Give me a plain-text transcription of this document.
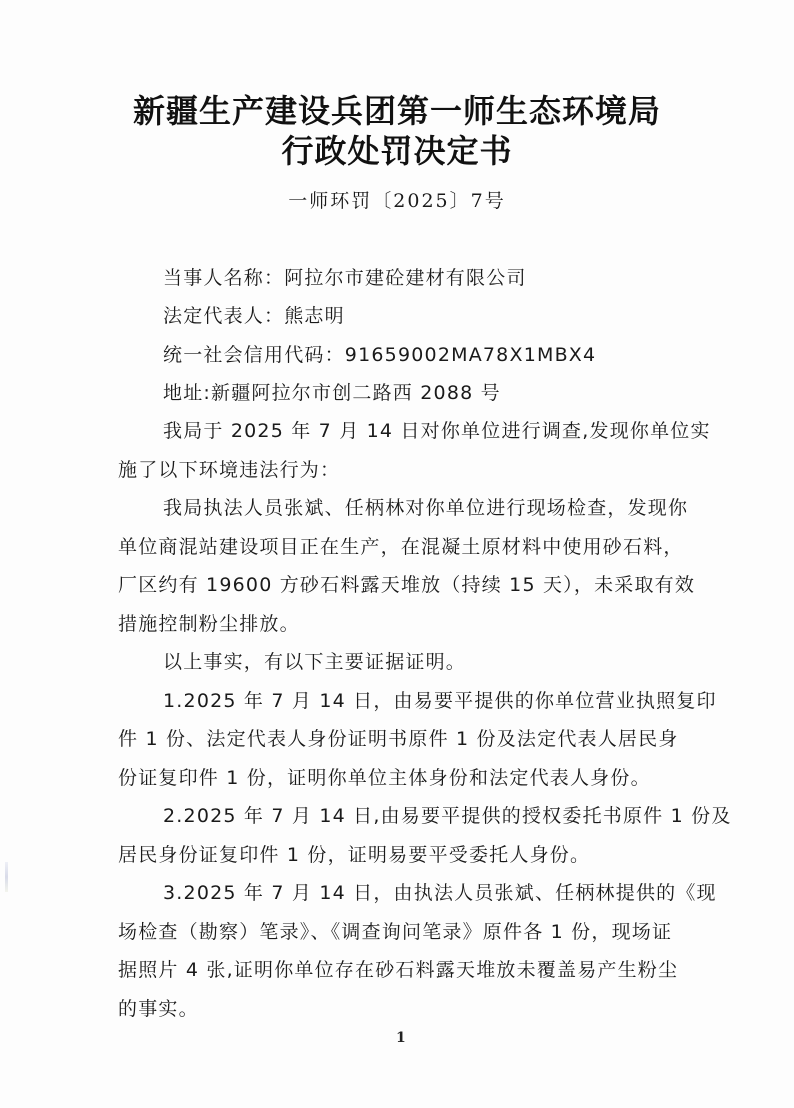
新疆生产建设兵团第一师生态环境局
行政处罚决定书
一师环罚〔2025〕7号
当事人名称：阿拉尔市建砼建材有限公司
法定代表人：熊志明
统一社会信用代码：91659002MA78X1MBX4
地址:新疆阿拉尔市创二路西 2088 号
我局于 2025 年 7 月 14 日对你单位进行调查,发现你单位实
施了以下环境违法行为：
我局执法人员张斌、任柄林对你单位进行现场检查，发现你
单位商混站建设项目正在生产，在混凝土原材料中使用砂石料，
厂区约有 19600 方砂石料露天堆放（持续 15 天），未采取有效
措施控制粉尘排放。
以上事实，有以下主要证据证明。
1.2025 年 7 月 14 日，由易要平提供的你单位营业执照复印
件 1 份、法定代表人身份证明书原件 1 份及法定代表人居民身
份证复印件 1 份，证明你单位主体身份和法定代表人身份。
2.2025 年 7 月 14 日,由易要平提供的授权委托书原件 1 份及
居民身份证复印件 1 份，证明易要平受委托人身份。
3.2025 年 7 月 14 日，由执法人员张斌、任柄林提供的《现
场检查（勘察）笔录》、《调查询问笔录》原件各 1 份，现场证
据照片 4 张,证明你单位存在砂石料露天堆放未覆盖易产生粉尘
的事实。
1
